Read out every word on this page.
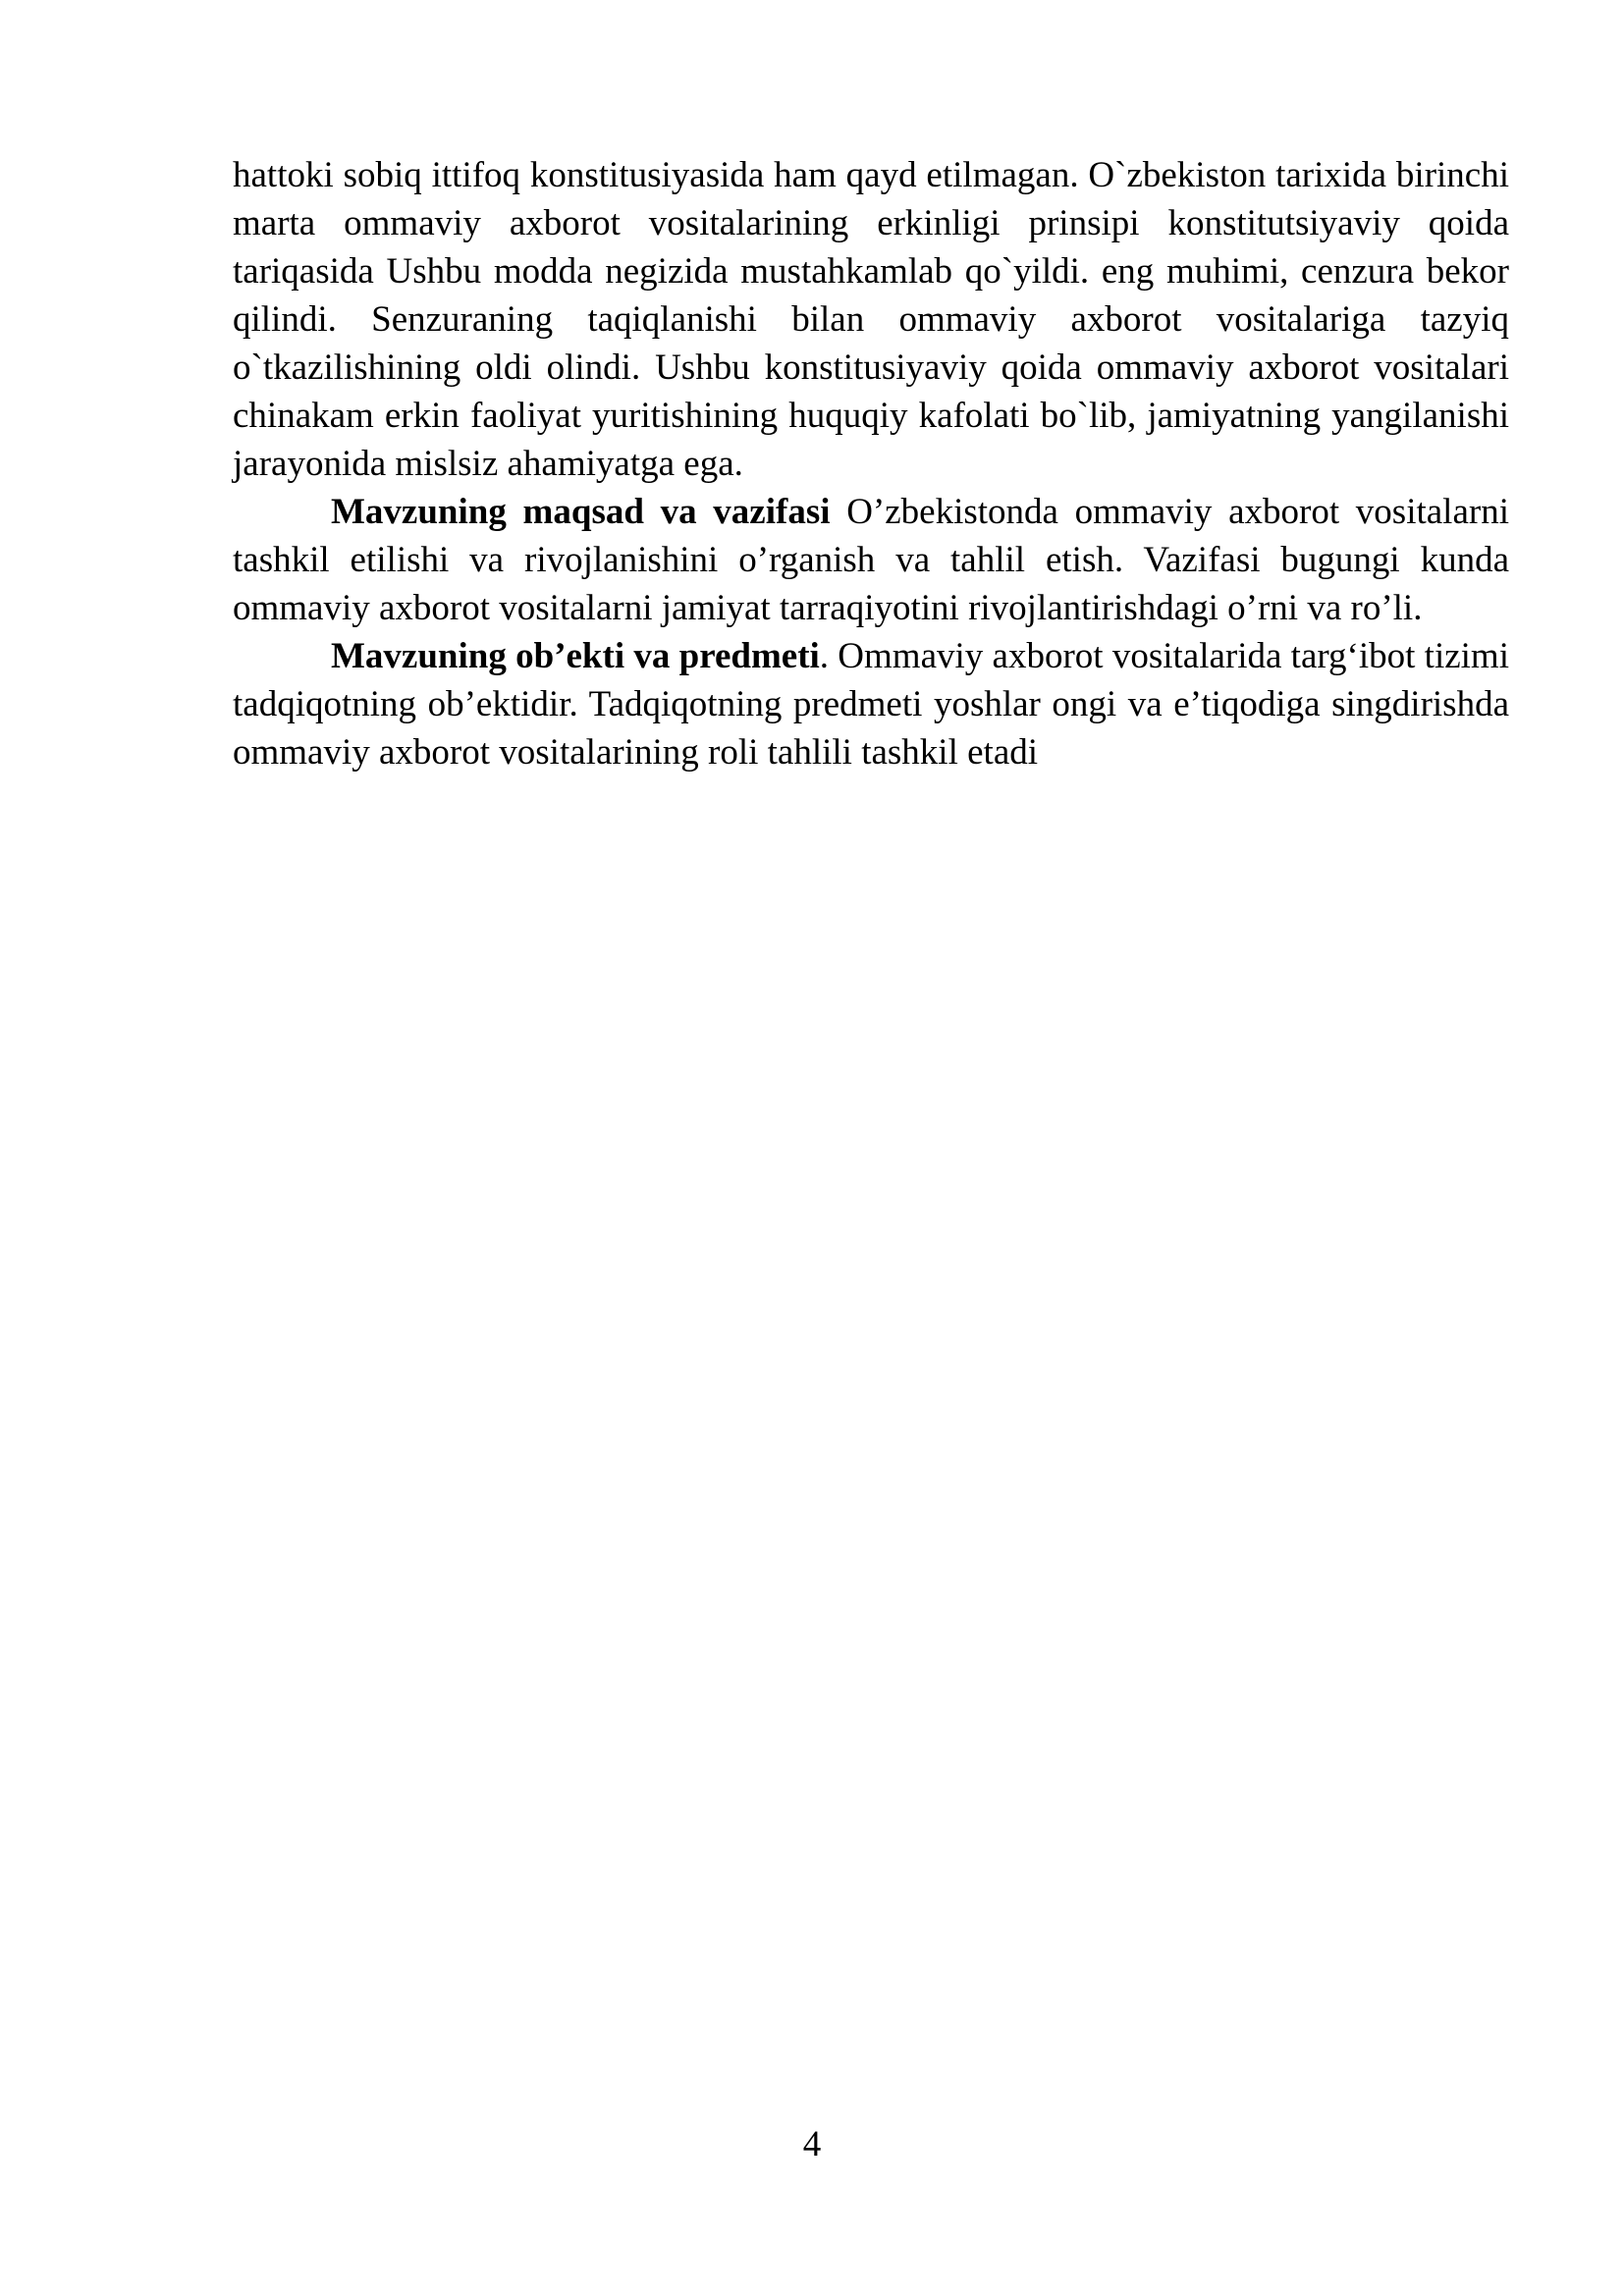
hattoki sobiq ittifoq konstitusiyasida ham qayd etilmagan. O`zbekiston tarixida birinchi marta ommaviy axborot vositalarining erkinligi prinsipi konstitutsiyaviy qoida tariqasida Ushbu modda negizida mustahkamlab qo`yildi. eng muhimi, cenzura bekor qilindi. Senzuraning taqiqlanishi bilan ommaviy axborot vositalariga tazyiq o`tkazilishining oldi olindi. Ushbu konstitusiyaviy qoida ommaviy axborot vositalari chinakam erkin faoliyat yuritishining huquqiy kafolati bo`lib, jamiyatning yangilanishi jarayonida mislsiz ahamiyatga ega.

Mavzuning maqsad va vazifasi O’zbekistonda ommaviy axborot vositalarni tashkil etilishi va rivojlanishini o’rganish va tahlil etish. Vazifasi bugungi kunda ommaviy axborot vositalarni jamiyat tarraqiyotini rivojlantirishdagi o’rni va ro’li.

Mavzuning ob’ekti va predmeti. Ommaviy axborot vositalarida targ‘ibot tizimi tadqiqotning ob’ektidir. Tadqiqotning predmeti yoshlar ongi va e’tiqodiga singdirishda ommaviy axborot vositalarining roli tahlili tashkil etadi

4
